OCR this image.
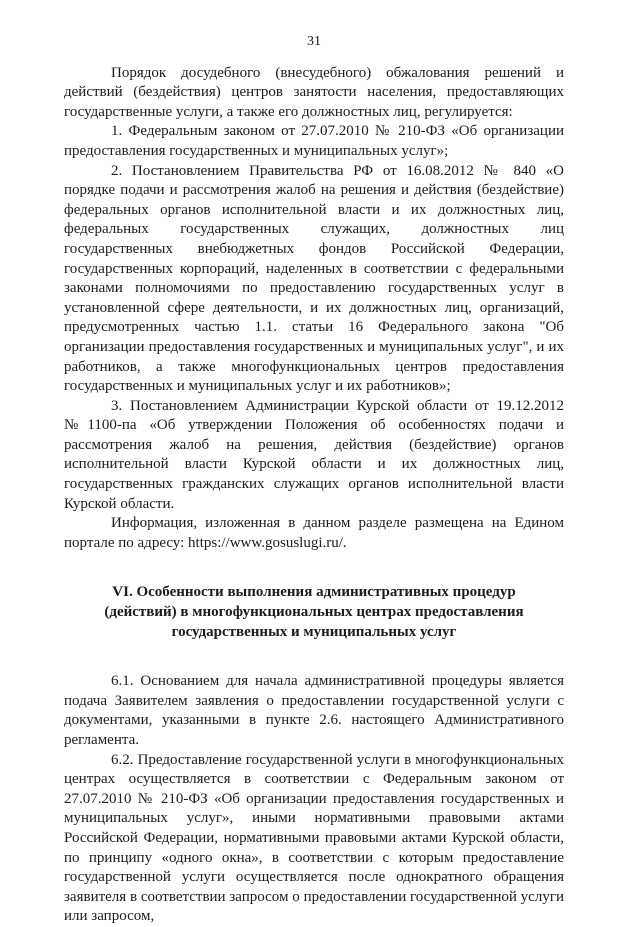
31

Порядок досудебного (внесудебного) обжалования решений и действий (бездействия) центров занятости населения, предоставляющих государственные услуги, а также его должностных лиц, регулируется:

1. Федеральным законом от 27.07.2010 № 210-ФЗ «Об организации предоставления государственных и муниципальных услуг»;

2. Постановлением Правительства РФ от 16.08.2012 № 840 «О порядке подачи и рассмотрения жалоб на решения и действия (бездействие) федеральных органов исполнительной власти и их должностных лиц, федеральных государственных служащих, должностных лиц государственных внебюджетных фондов Российской Федерации, государственных корпораций, наделенных в соответствии с федеральными законами полномочиями по предоставлению государственных услуг в установленной сфере деятельности, и их должностных лиц, организаций, предусмотренных частью 1.1. статьи 16 Федерального закона "Об организации предоставления государственных и муниципальных услуг", и их работников, а также многофункциональных центров предоставления государственных и муниципальных услуг и их работников»;

3. Постановлением Администрации Курской области от 19.12.2012 №1100-па «Об утверждении Положения об особенностях подачи и рассмотрения жалоб на решения, действия (бездействие) органов исполнительной власти Курской области и их должностных лиц, государственных гражданских служащих органов исполнительной власти Курской области.

Информация, изложенная в данном разделе размещена на Едином портале по адресу: https://www.gosuslugi.ru/.

VI. Особенности выполнения административных процедур
(действий) в многофункциональных центрах предоставления
государственных и муниципальных услуг

6.1. Основанием для начала административной процедуры является подача Заявителем заявления о предоставлении государственной услуги с документами, указанными в пункте 2.6. настоящего Административного регламента.

6.2. Предоставление государственной услуги в многофункциональных центрах осуществляется в соответствии с Федеральным законом от 27.07.2010 № 210-ФЗ «Об организации предоставления государственных и муниципальных услуг», иными нормативными правовыми актами Российской Федерации, нормативными правовыми актами Курской области, по принципу «одного окна», в соответствии с которым предоставление государственной услуги осуществляется после однократного обращения заявителя в соответствии запросом о предоставлении государственной услуги или запросом,
